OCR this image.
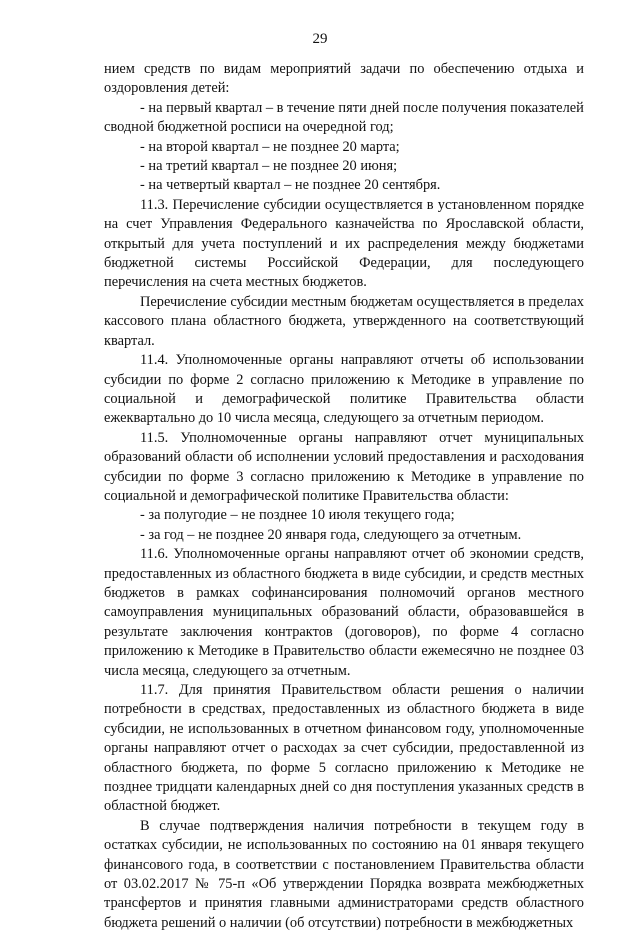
29

нием средств по видам мероприятий задачи по обеспечению отдыха и оздоровления детей:

- на первый квартал – в течение пяти дней после получения показателей сводной бюджетной росписи на очередной год;

- на второй квартал – не позднее 20 марта;

- на третий квартал – не позднее 20 июня;

- на четвертый квартал – не позднее 20 сентября.

11.3. Перечисление субсидии осуществляется в установленном порядке на счет Управления Федерального казначейства по Ярославской области, открытый для учета поступлений и их распределения между бюджетами бюджетной системы Российской Федерации, для последующего перечисления на счета местных бюджетов.

Перечисление субсидии местным бюджетам осуществляется в пределах кассового плана областного бюджета, утвержденного на соответствующий квартал.

11.4. Уполномоченные органы направляют отчеты об использовании субсидии по форме 2 согласно приложению к Методике в управление по социальной и демографической политике Правительства области ежеквартально до 10 числа месяца, следующего за отчетным периодом.

11.5. Уполномоченные органы направляют отчет муниципальных образований области об исполнении условий предоставления и расходования субсидии по форме 3 согласно приложению к Методике в управление по социальной и демографической политике Правительства области:

- за полугодие – не позднее 10 июля текущего года;

- за год – не позднее 20 января года, следующего за отчетным.

11.6. Уполномоченные органы направляют отчет об экономии средств, предоставленных из областного бюджета в виде субсидии, и средств местных бюджетов в рамках софинансирования полномочий органов местного самоуправления муниципальных образований области, образовавшейся в результате заключения контрактов (договоров), по форме 4 согласно приложению к Методике в Правительство области ежемесячно не позднее 03 числа месяца, следующего за отчетным.

11.7. Для принятия Правительством области решения о наличии потребности в средствах, предоставленных из областного бюджета в виде субсидии, не использованных в отчетном финансовом году, уполномоченные органы направляют отчет о расходах за счет субсидии, предоставленной из областного бюджета, по форме 5 согласно приложению к Методике не позднее тридцати календарных дней со дня поступления указанных средств в областной бюджет.

В случае подтверждения наличия потребности в текущем году в остатках субсидии, не использованных по состоянию на 01 января текущего финансового года, в соответствии с постановлением Правительства области от 03.02.2017 № 75-п «Об утверждении Порядка возврата межбюджетных трансфертов и принятия главными администраторами средств областного бюджета решений о наличии (об отсутствии) потребности в межбюджетных
